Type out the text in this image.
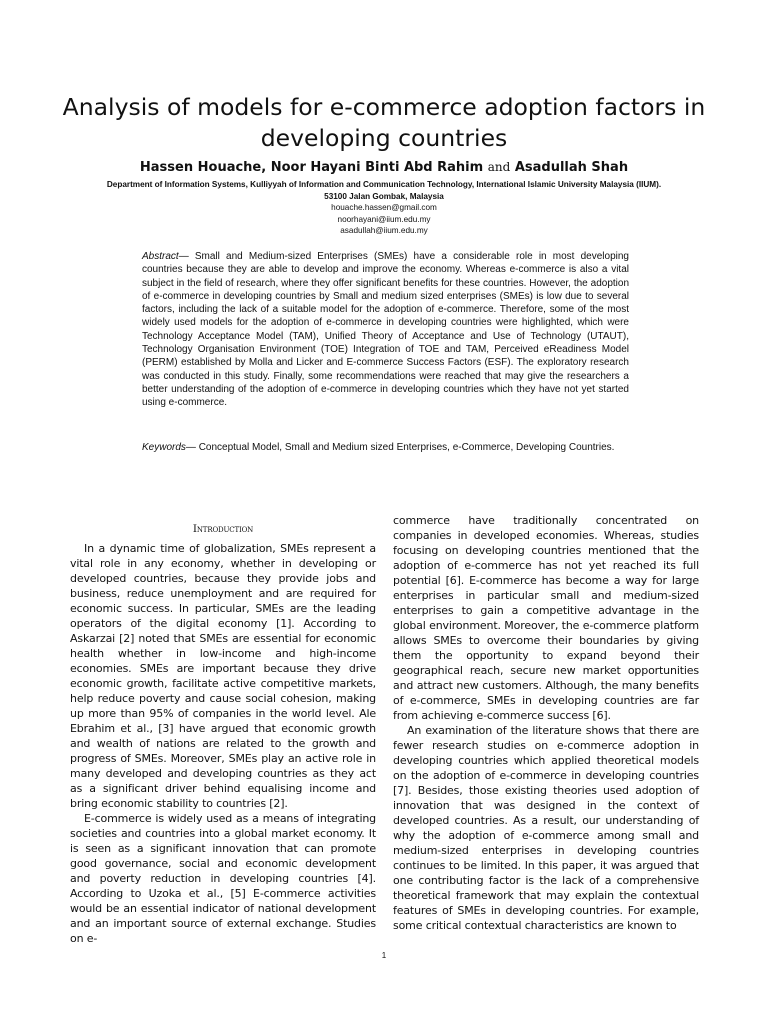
Analysis of models for e-commerce adoption factors in developing countries
Hassen Houache, Noor Hayani Binti Abd Rahim and Asadullah Shah
Department of Information Systems, Kulliyyah of Information and Communication Technology, International Islamic University Malaysia (IIUM).
53100 Jalan Gombak, Malaysia
houache.hassen@gmail.com
noorhayani@iium.edu.my
asadullah@iium.edu.my

Abstract— Small and Medium-sized Enterprises (SMEs) have a considerable role in most developing countries because they are able to develop and improve the economy. Whereas e-commerce is also a vital subject in the field of research, where they offer significant benefits for these countries. However, the adoption of e-commerce in developing countries by Small and medium sized enterprises (SMEs) is low due to several factors, including the lack of a suitable model for the adoption of e-commerce. Therefore, some of the most widely used models for the adoption of e-commerce in developing countries were highlighted, which were Technology Acceptance Model (TAM), Unified Theory of Acceptance and Use of Technology (UTAUT), Technology Organisation Environment (TOE) Integration of TOE and TAM, Perceived eReadiness Model (PERM) established by Molla and Licker and E-commerce Success Factors (ESF). The exploratory research was conducted in this study. Finally, some recommendations were reached that may give the researchers a better understanding of the adoption of e-commerce in developing countries which they have not yet started using e-commerce.

Keywords— Conceptual Model, Small and Medium sized Enterprises, e-Commerce, Developing Countries.

Introduction

In a dynamic time of globalization, SMEs represent a vital role in any economy, whether in developing or developed countries, because they provide jobs and business, reduce unemployment and are required for economic success. In particular, SMEs are the leading operators of the digital economy [1]. According to Askarzai [2] noted that SMEs are essential for economic health whether in low-income and high-income economies. SMEs are important because they drive economic growth, facilitate active competitive markets, help reduce poverty and cause social cohesion, making up more than 95% of companies in the world level. Ale Ebrahim et al., [3] have argued that economic growth and wealth of nations are related to the growth and progress of SMEs. Moreover, SMEs play an active role in many developed and developing countries as they act as a significant driver behind equalising income and bring economic stability to countries [2].

E-commerce is widely used as a means of integrating societies and countries into a global market economy. It is seen as a significant innovation that can promote good governance, social and economic development and poverty reduction in developing countries [4]. According to Uzoka et al., [5] E-commerce activities would be an essential indicator of national development and an important source of external exchange. Studies on e-

commerce have traditionally concentrated on companies in developed economies. Whereas, studies focusing on developing countries mentioned that the adoption of e-commerce has not yet reached its full potential [6]. E-commerce has become a way for large enterprises in particular small and medium-sized enterprises to gain a competitive advantage in the global environment. Moreover, the e-commerce platform allows SMEs to overcome their boundaries by giving them the opportunity to expand beyond their geographical reach, secure new market opportunities and attract new customers. Although, the many benefits of e-commerce, SMEs in developing countries are far from achieving e-commerce success [6].

An examination of the literature shows that there are fewer research studies on e-commerce adoption in developing countries which applied theoretical models on the adoption of e-commerce in developing countries [7]. Besides, those existing theories used adoption of innovation that was designed in the context of developed countries. As a result, our understanding of why the adoption of e-commerce among small and medium-sized enterprises in developing countries continues to be limited. In this paper, it was argued that one contributing factor is the lack of a comprehensive theoretical framework that may explain the contextual features of SMEs in developing countries. For example, some critical contextual characteristics are known to

1
